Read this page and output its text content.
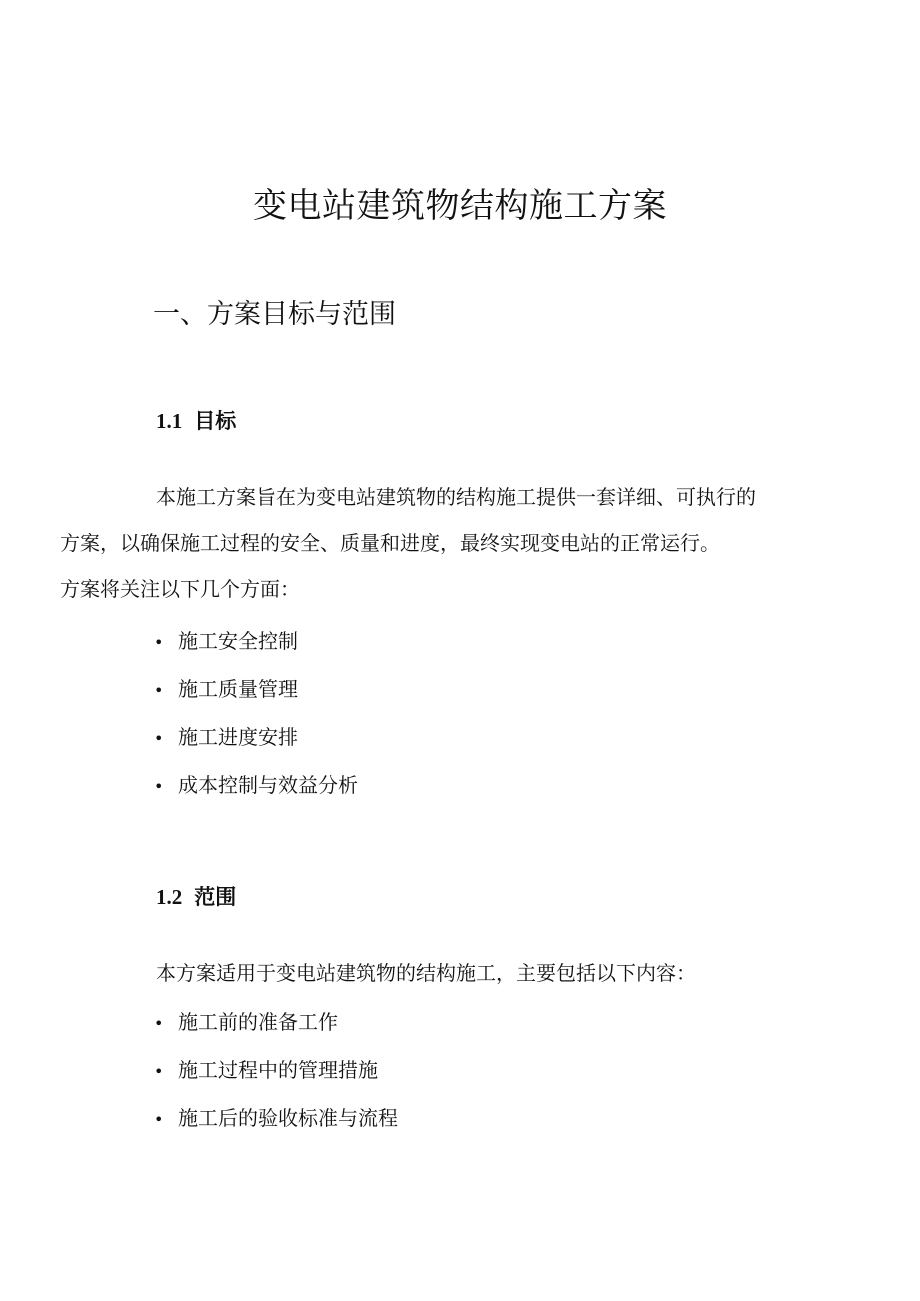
变电站建筑物结构施工方案
一、方案目标与范围
1.1 目标

本施工方案旨在为变电站建筑物的结构施工提供一套详细、可执行的
方案，以确保施工过程的安全、质量和进度，最终实现变电站的正常运行。
方案将关注以下几个方面：

• 施工安全控制
• 施工质量管理
• 施工进度安排
• 成本控制与效益分析
1.2 范围

本方案适用于变电站建筑物的结构施工，主要包括以下内容：

• 施工前的准备工作
• 施工过程中的管理措施
• 施工后的验收标准与流程
